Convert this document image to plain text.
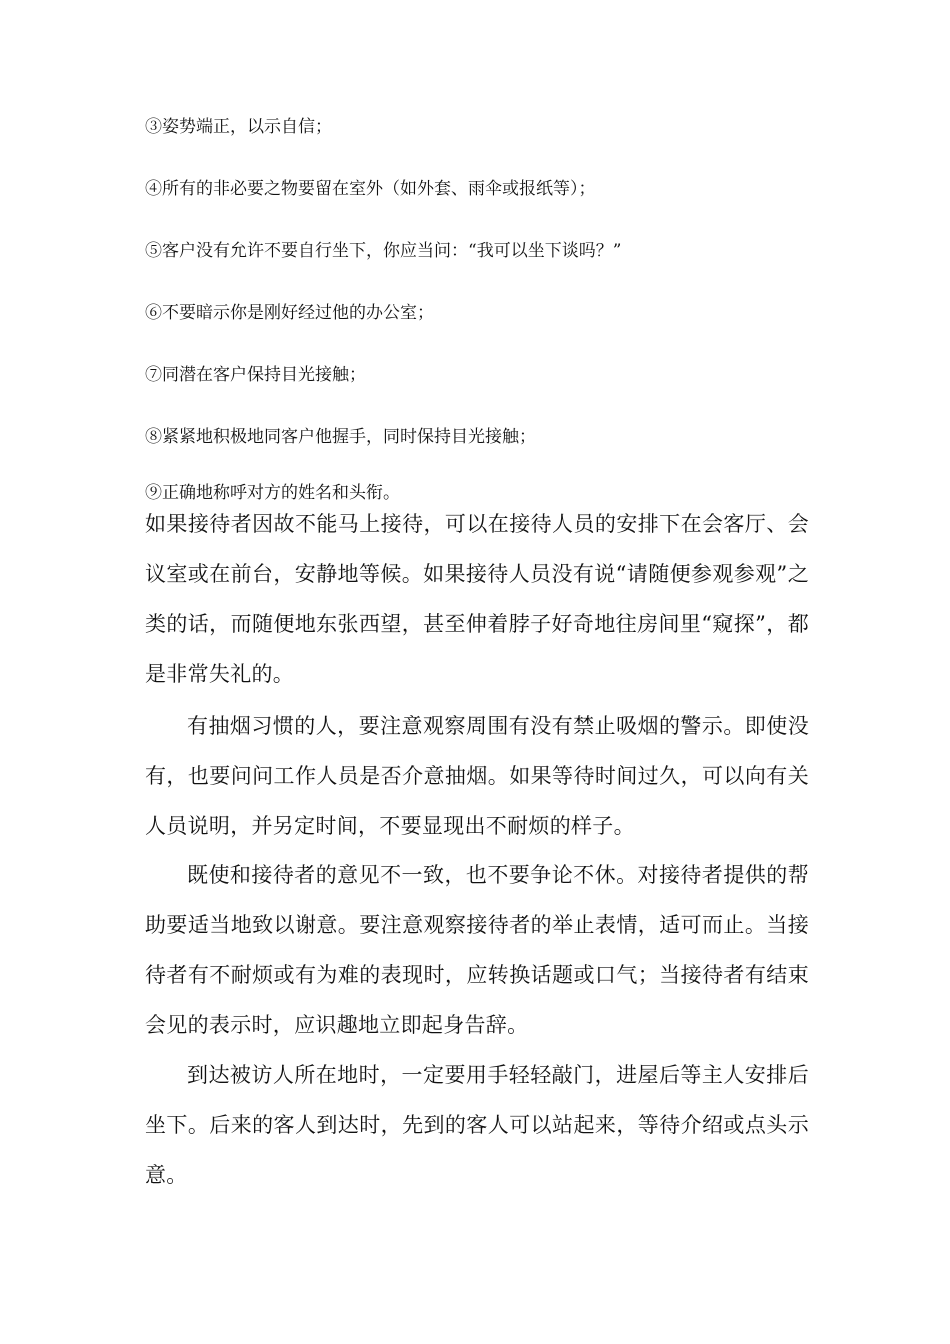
③姿势端正，以示自信；
④所有的非必要之物要留在室外（如外套、雨伞或报纸等）；
⑤客户没有允许不要自行坐下，你应当问：“我可以坐下谈吗？”
⑥不要暗示你是刚好经过他的办公室；
⑦同潜在客户保持目光接触；
⑧紧紧地积极地同客户他握手，同时保持目光接触；
⑨正确地称呼对方的姓名和头衔。

如果接待者因故不能马上接待，可以在接待人员的安排下在会客厅、会议室或在前台，安静地等候。如果接待人员没有说“请随便参观参观”之类的话，而随便地东张西望，甚至伸着脖子好奇地往房间里“窥探”，都是非常失礼的。

有抽烟习惯的人，要注意观察周围有没有禁止吸烟的警示。即使没有，也要问问工作人员是否介意抽烟。如果等待时间过久，可以向有关人员说明，并另定时间，不要显现出不耐烦的样子。

既使和接待者的意见不一致，也不要争论不休。对接待者提供的帮助要适当地致以谢意。要注意观察接待者的举止表情，适可而止。当接待者有不耐烦或有为难的表现时，应转换话题或口气；当接待者有结束会见的表示时，应识趣地立即起身告辞。

到达被访人所在地时，一定要用手轻轻敲门，进屋后等主人安排后坐下。后来的客人到达时，先到的客人可以站起来，等待介绍或点头示意。
